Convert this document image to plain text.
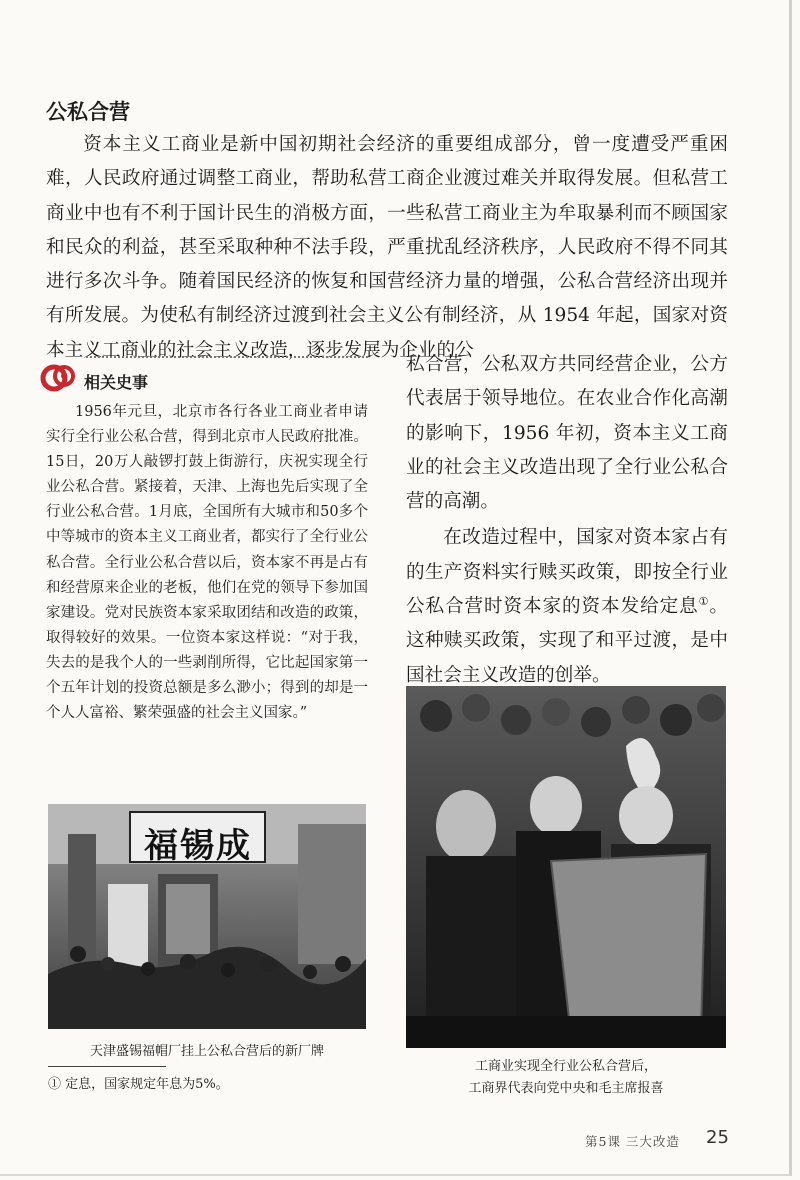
公私合营

资本主义工商业是新中国初期社会经济的重要组成部分，曾一度遭受严重困难，人民政府通过调整工商业，帮助私营工商企业渡过难关并取得发展。但私营工商业中也有不利于国计民生的消极方面，一些私营工商业主为牟取暴利而不顾国家和民众的利益，甚至采取种种不法手段，严重扰乱经济秩序，人民政府不得不同其进行多次斗争。随着国民经济的恢复和国营经济力量的增强，公私合营经济出现并有所发展。为使私有制经济过渡到社会主义公有制经济，从 1954 年起，国家对资本主义工商业的社会主义改造，逐步发展为企业的公

私合营，公私双方共同经营企业，公方代表居于领导地位。在农业合作化高潮的影响下，1956 年初，资本主义工商业的社会主义改造出现了全行业公私合营的高潮。

在改造过程中，国家对资本家占有的生产资料实行赎买政策，即按全行业公私合营时资本家的资本发给定息①。这种赎买政策，实现了和平过渡，是中国社会主义改造的创举。

相关史事

1956年元旦，北京市各行各业工商业者申请实行全行业公私合营，得到北京市人民政府批准。15日，20万人敲锣打鼓上街游行，庆祝实现全行业公私合营。紧接着，天津、上海也先后实现了全行业公私合营。1月底，全国所有大城市和50多个中等城市的资本主义工商业者，都实行了全行业公私合营。全行业公私合营以后，资本家不再是占有和经营原来企业的老板，他们在党的领导下参加国家建设。党对民族资本家采取团结和改造的政策，取得较好的效果。一位资本家这样说：“对于我，失去的是我个人的一些剥削所得，它比起国家第一个五年计划的投资总额是多么渺小；得到的却是一个人人富裕、繁荣强盛的社会主义国家。”

福锡成
天津盛锡福帽厂挂上公私合营后的新厂牌
工商业实现全行业公私合营后，
工商界代表向党中央和毛主席报喜
① 定息，国家规定年息为5%。
第5课 三大改造 25
